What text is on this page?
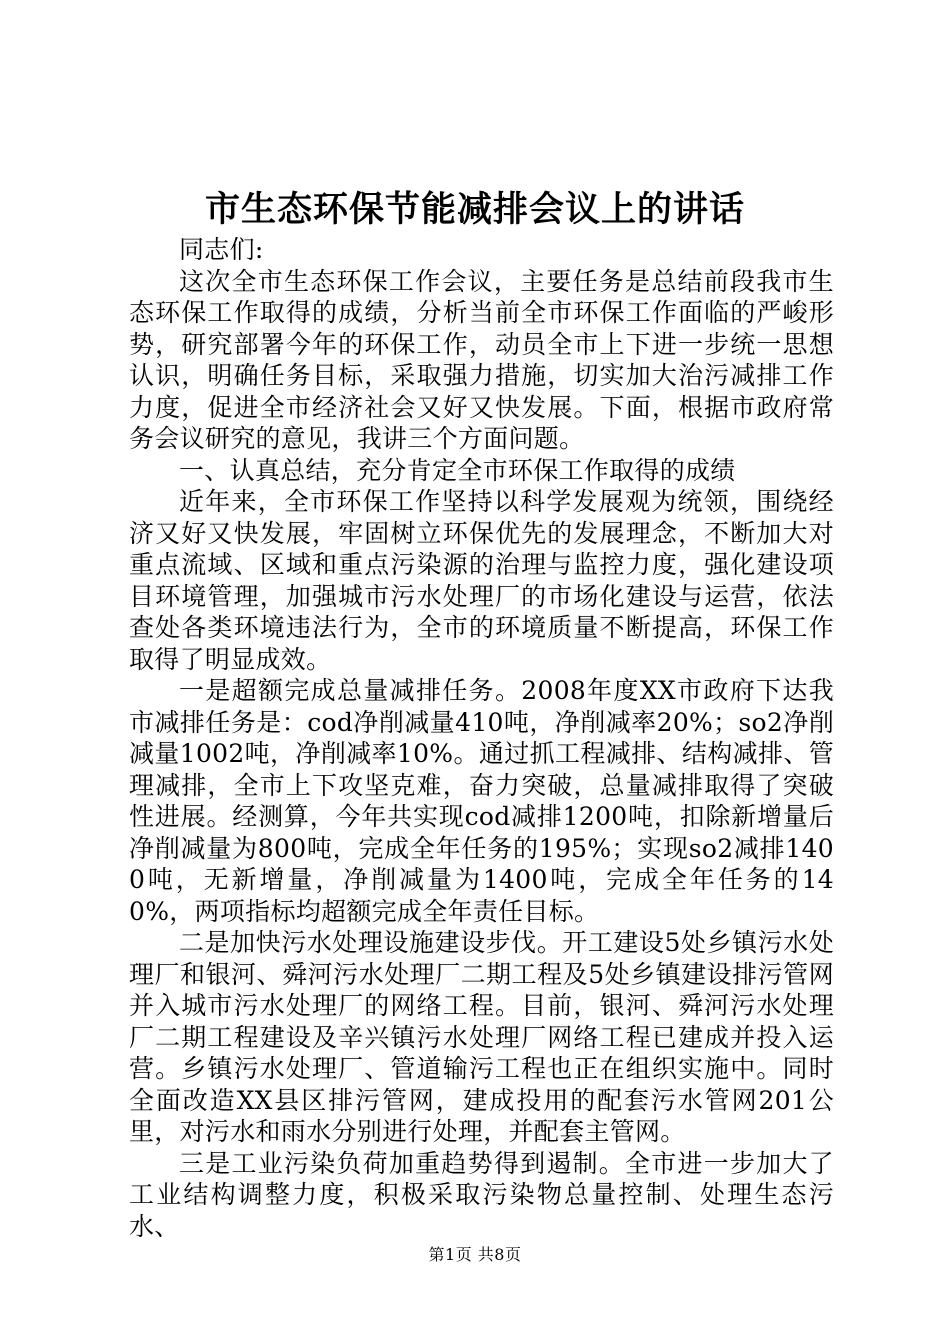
市生态环保节能减排会议上的讲话

同志们:

这次全市生态环保工作会议，主要任务是总结前段我市生态环保工作取得的成绩，分析当前全市环保工作面临的严峻形势，研究部署今年的环保工作，动员全市上下进一步统一思想认识，明确任务目标，采取强力措施，切实加大治污减排工作力度，促进全市经济社会又好又快发展。下面，根据市政府常务会议研究的意见，我讲三个方面问题。

一、认真总结，充分肯定全市环保工作取得的成绩

近年来，全市环保工作坚持以科学发展观为统领，围绕经济又好又快发展，牢固树立环保优先的发展理念，不断加大对重点流域、区域和重点污染源的治理与监控力度，强化建设项目环境管理，加强城市污水处理厂的市场化建设与运营，依法查处各类环境违法行为，全市的环境质量不断提高，环保工作取得了明显成效。

一是超额完成总量减排任务。2008年度XX市政府下达我市减排任务是：cod净削减量410吨，净削减率20%；so2净削减量1002吨，净削减率10%。通过抓工程减排、结构减排、管理减排，全市上下攻坚克难，奋力突破，总量减排取得了突破性进展。经测算，今年共实现cod减排1200吨，扣除新增量后净削减量为800吨，完成全年任务的195%；实现so2减排1400吨，无新增量，净削减量为1400吨，完成全年任务的140%，两项指标均超额完成全年责任目标。

二是加快污水处理设施建设步伐。开工建设5处乡镇污水处理厂和银河、舜河污水处理厂二期工程及5处乡镇建设排污管网并入城市污水处理厂的网络工程。目前，银河、舜河污水处理厂二期工程建设及辛兴镇污水处理厂网络工程已建成并投入运营。乡镇污水处理厂、管道输污工程也正在组织实施中。同时全面改造XX县区排污管网，建成投用的配套污水管网201公里，对污水和雨水分别进行处理，并配套主管网。

三是工业污染负荷加重趋势得到遏制。全市进一步加大了工业结构调整力度，积极采取污染物总量控制、处理生态污水、

第1页 共8页
